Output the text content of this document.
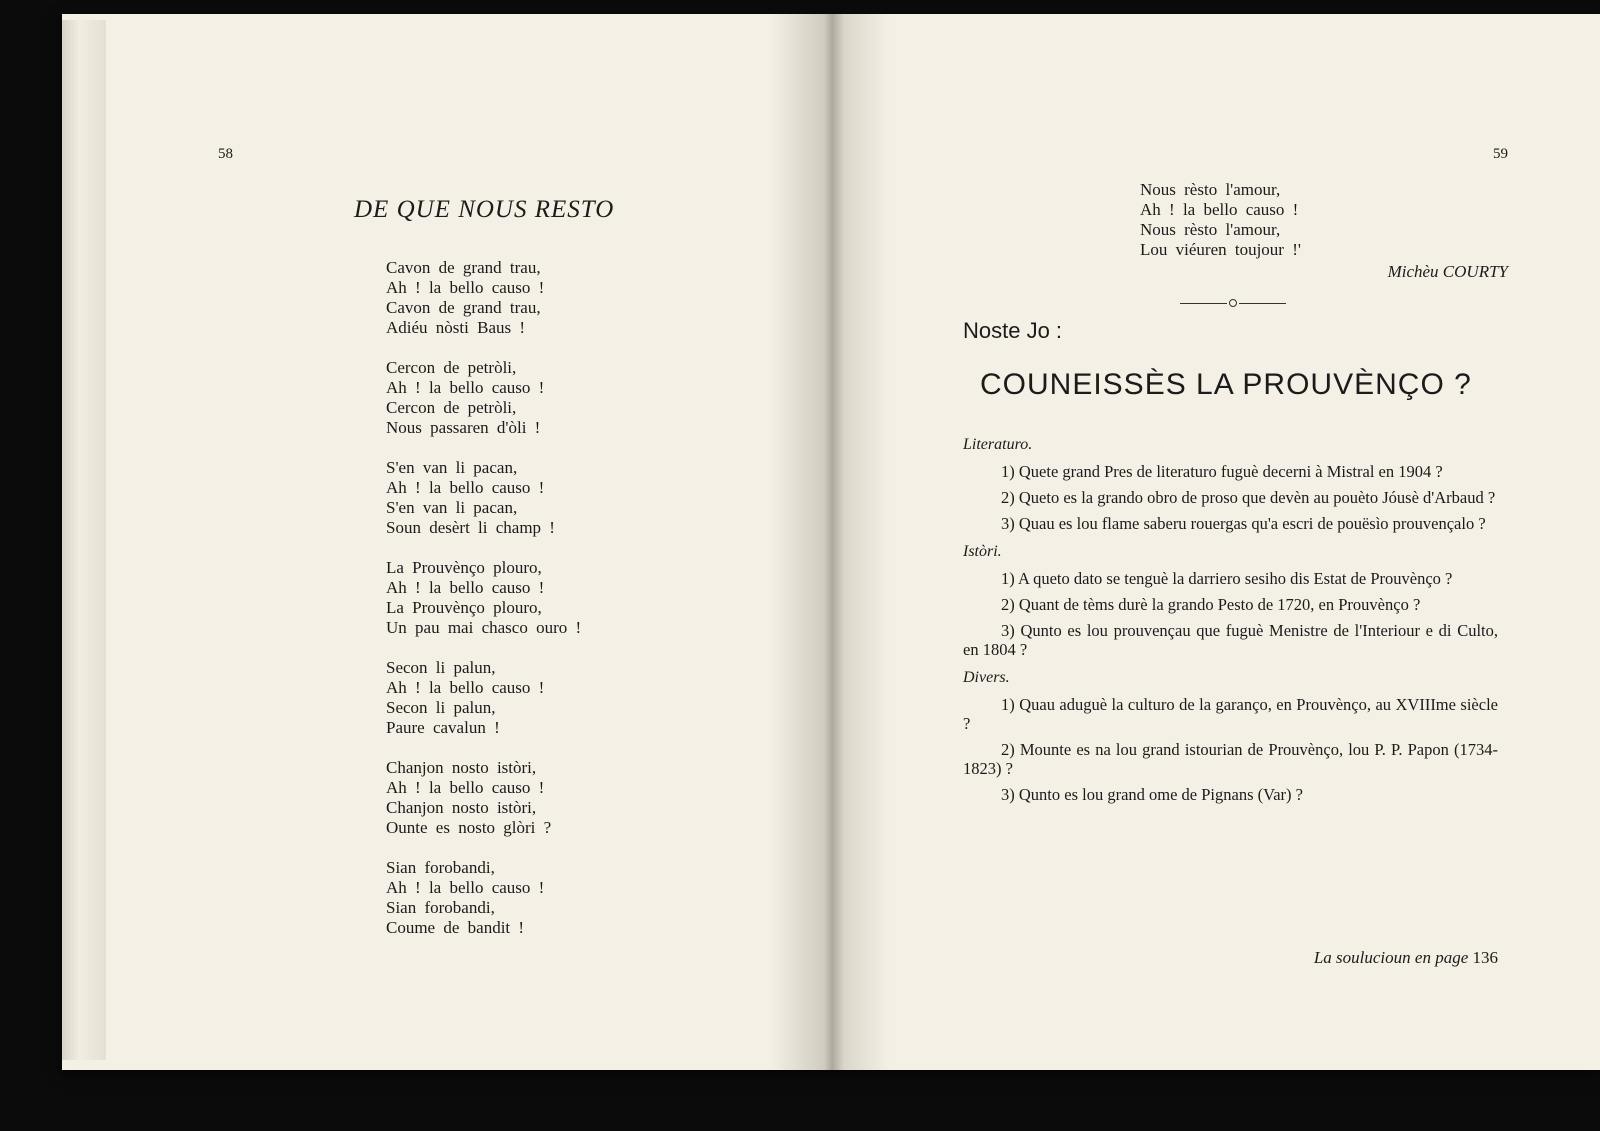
58
DE QUE NOUS RESTO
Cavon de grand trau,
Ah ! la bello causo !
Cavon de grand trau,
Adiéu nòsti Baus !
Cercon de petròli,
Ah ! la bello causo !
Cercon de petròli,
Nous passaren d'òli !
S'en van li pacan,
Ah ! la bello causo !
S'en van li pacan,
Soun desèrt li champ !
La Prouvènço plouro,
Ah ! la bello causo !
La Prouvènço plouro,
Un pau mai chasco ouro !
Secon li palun,
Ah ! la bello causo !
Secon li palun,
Paure cavalun !
Chanjon nosto istòri,
Ah ! la bello causo !
Chanjon nosto istòri,
Ounte es nosto glòri ?
Sian forobandi,
Ah ! la bello causo !
Sian forobandi,
Coume de bandit !
59
Nous rèsto l'amour,
Ah ! la bello causo !
Nous rèsto l'amour,
Lou viéuren toujour !'
Michèu COURTY
Noste Jo :
COUNEISSÈS LA PROUVÈNÇO ?
Literaturo.
1) Quete grand Pres de literaturo fuguè decerni à Mistral en 1904 ?
2) Queto es la grando obro de proso que devèn au pouèto Jóusè d'Arbaud ?
3) Quau es lou flame saberu rouergas qu'a escri de pouësìo prouvençalo ?
Istòri.
1) A queto dato se tenguè la darriero sesiho dis Estat de Prouvènço ?
2) Quant de tèms durè la grando Pesto de 1720, en Prouvènço ?
3) Qunto es lou prouvençau que fuguè Menistre de l'Interiour e di Culto, en 1804 ?
Divers.
1) Quau aduguè la culturo de la garanço, en Prouvènço, au XVIIIme siècle ?
2) Mounte es na lou grand istourian de Prouvènço, lou P. P. Papon (1734-1823) ?
3) Qunto es lou grand ome de Pignans (Var) ?
La soulucioun en page 136
